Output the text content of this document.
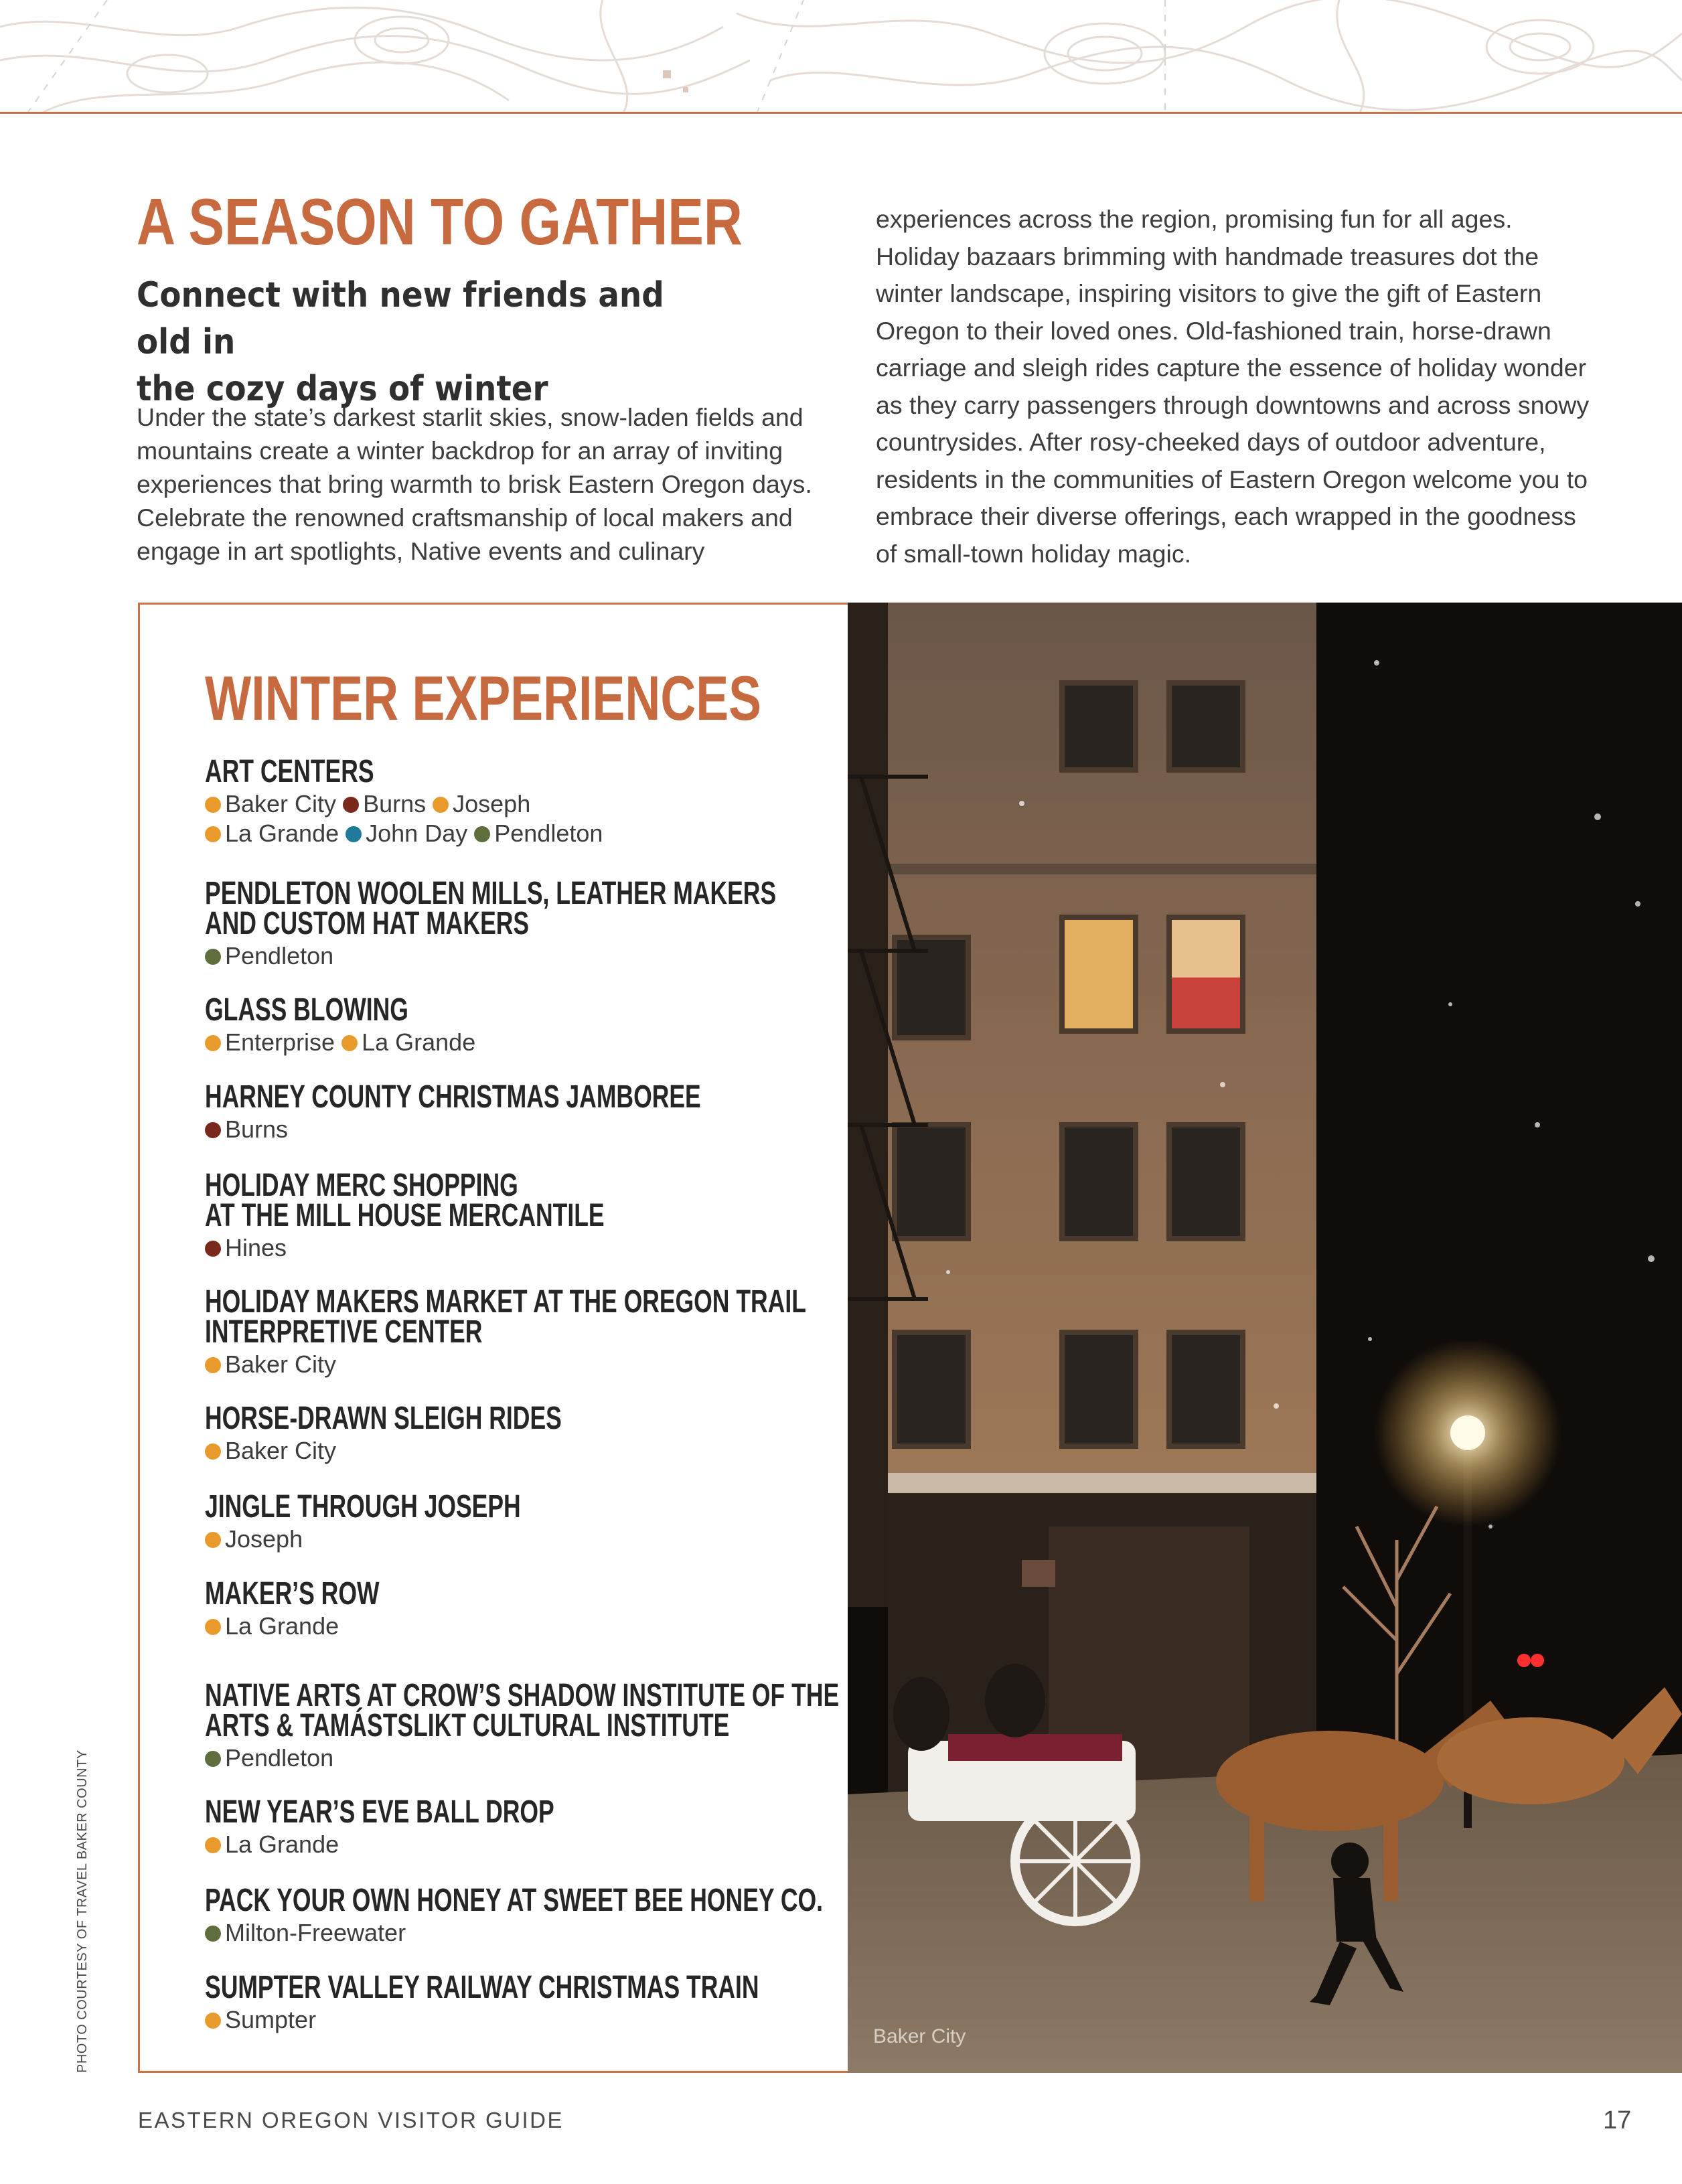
A SEASON TO GATHER
Connect with new friends and old in
the cozy days of winter

Under the state’s darkest starlit skies, snow-laden fields and mountains create a winter backdrop for an array of inviting experiences that bring warmth to brisk Eastern Oregon days. Celebrate the renowned craftsmanship of local makers and engage in art spotlights, Native events and culinary

experiences across the region, promising fun for all ages. Holiday bazaars brimming with handmade treasures dot the winter landscape, inspiring visitors to give the gift of Eastern Oregon to their loved ones. Old-fashioned train, horse-drawn carriage and sleigh rides capture the essence of holiday wonder as they carry passengers through downtowns and across snowy countrysides. After rosy-cheeked days of outdoor adventure, residents in the communities of Eastern Oregon welcome you to embrace their diverse offerings, each wrapped in the goodness of small-town holiday magic.

WINTER EXPERIENCES
ART CENTERS
Baker City Burns Joseph
La Grande John Day Pendleton
PENDLETON WOOLEN MILLS, LEATHER MAKERS
AND CUSTOM HAT MAKERS
Pendleton
GLASS BLOWING
Enterprise La Grande
HARNEY COUNTY CHRISTMAS JAMBOREE
Burns
HOLIDAY MERC SHOPPING
AT THE MILL HOUSE MERCANTILE
Hines
HOLIDAY MAKERS MARKET AT THE OREGON TRAIL
INTERPRETIVE CENTER
Baker City
HORSE-DRAWN SLEIGH RIDES
Baker City
JINGLE THROUGH JOSEPH
Joseph
MAKER’S ROW
La Grande
NATIVE ARTS AT CROW’S SHADOW INSTITUTE OF THE
ARTS & TAMÁSTSLIKT CULTURAL INSTITUTE
Pendleton
NEW YEAR’S EVE BALL DROP
La Grande
PACK YOUR OWN HONEY AT SWEET BEE HONEY CO.
Milton-Freewater
SUMPTER VALLEY RAILWAY CHRISTMAS TRAIN
Sumpter
Baker City
PHOTO COURTESY OF TRAVEL BAKER COUNTY
EASTERN OREGON VISITOR GUIDE	17
